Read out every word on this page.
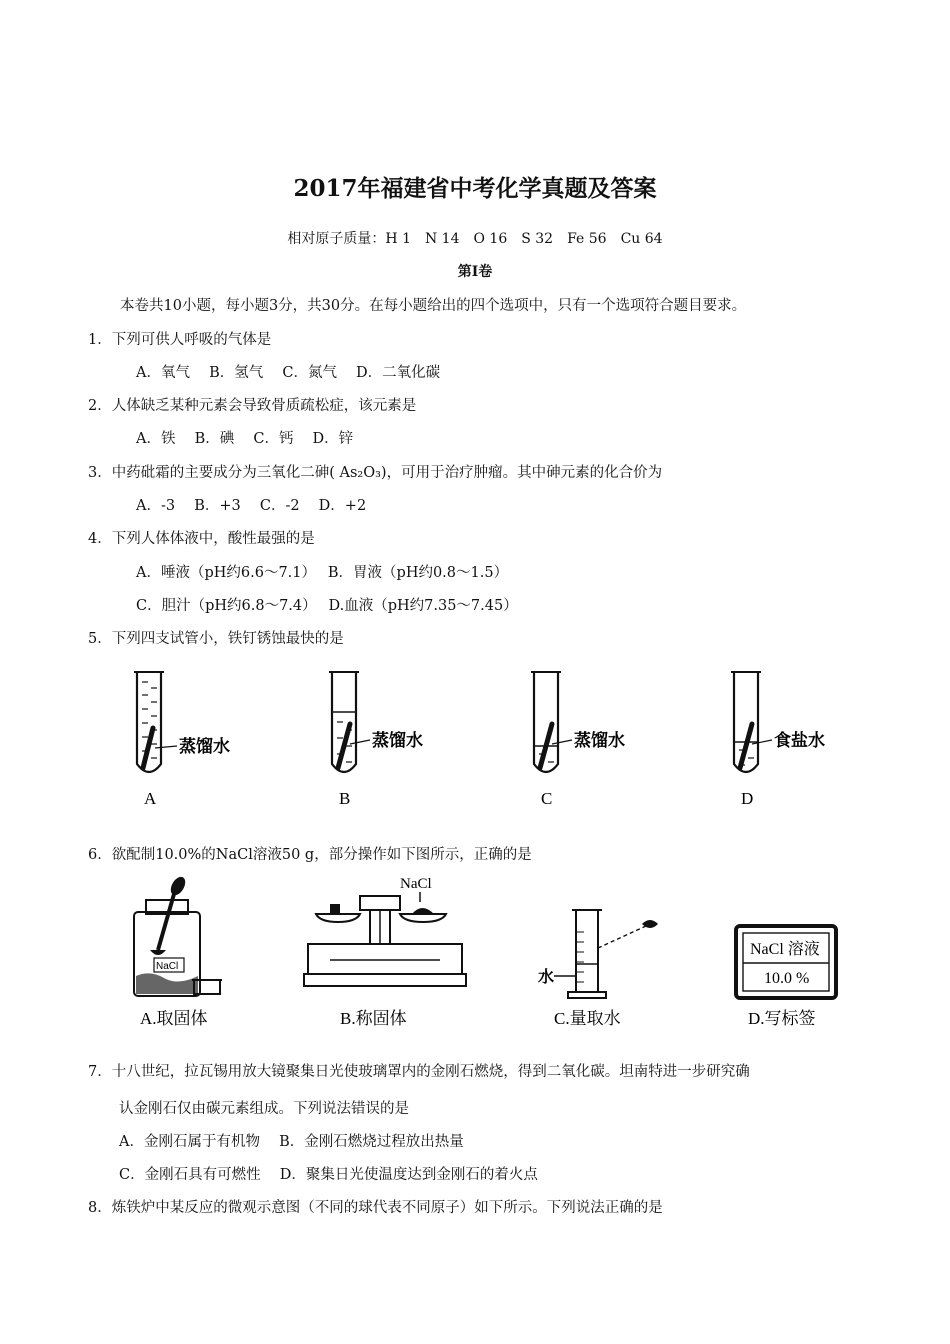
2017年福建省中考化学真题及答案
相对原子质量：H 1　N 14　O 16　S 32　Fe 56　Cu 64
第Ⅰ卷
本卷共10小题，每小题3分，共30分。在每小题给出的四个选项中，只有一个选项符合题目要求。
1．下列可供人呼吸的气体是
A．氧气　 B．氢气　 C．氮气　 D．二氧化碳
2．人体缺乏某种元素会导致骨质疏松症，该元素是
A．铁　 B．碘　 C．钙　 D．锌
3．中药砒霜的主要成分为三氧化二砷( As₂O₃)，可用于治疗肿瘤。其中砷元素的化合价为
A．-3　 B．+3　 C．-2　 D．+2
4．下列人体体液中，酸性最强的是
A．唾液（pH约6.6～7.1）　 B．胃液（pH约0.8～1.5）
C．胆汁（pH约6.8～7.4）　 D.血液（pH约7.35～7.45）
5．下列四支试管小，铁钉锈蚀最快的是
蒸馏水
A
蒸馏水
B
蒸馏水
C
食盐水
D
6．欲配制10.0%的NaCl溶液50 g，部分操作如下图所示，正确的是
NaCl
A.取固体
NaCl
B.称固体
水
C.量取水
NaCl 溶液
10.0 %
D.写标签
7．十八世纪，拉瓦锡用放大镜聚集日光使玻璃罩内的金刚石燃烧，得到二氧化碳。坦南特进一步研究确
认金刚石仅由碳元素组成。下列说法错误的是
A．金刚石属于有机物　 B．金刚石燃烧过程放出热量
C．金刚石具有可燃性　 D．聚集日光使温度达到金刚石的着火点
8．炼铁炉中某反应的微观示意图（不同的球代表不同原子）如下所示。下列说法正确的是
